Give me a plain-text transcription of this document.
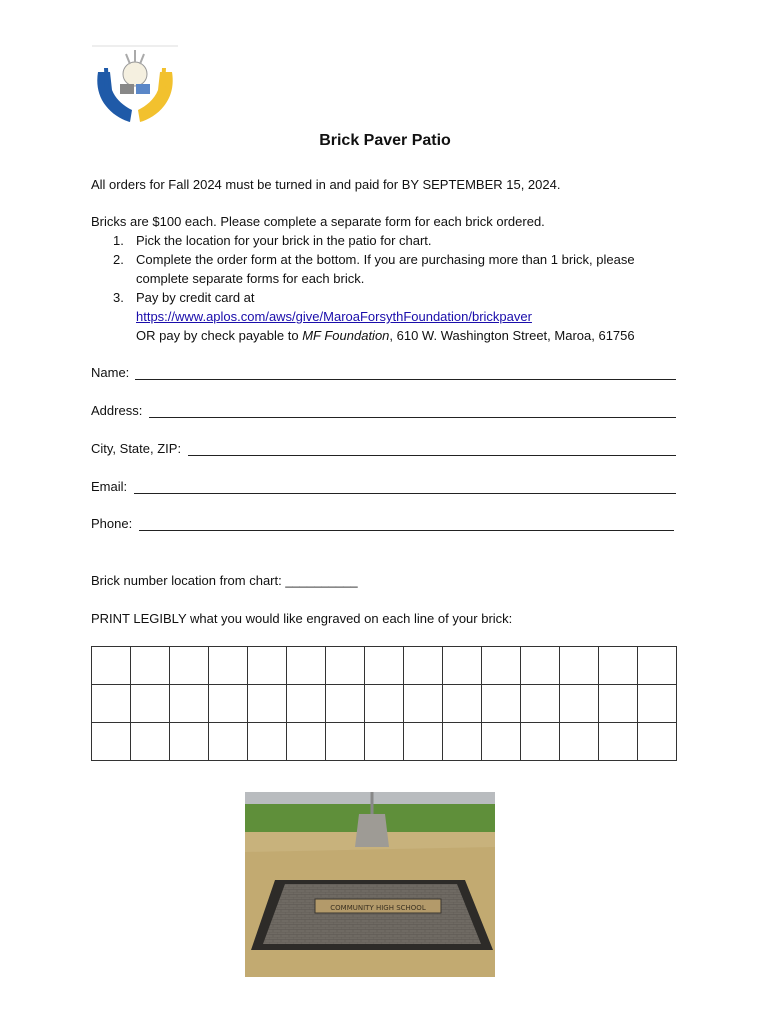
Brick Paver Patio
All orders for Fall 2024 must be turned in and paid for BY SEPTEMBER 15, 2024.
Bricks are $100 each. Please complete a separate form for each brick ordered.
1. Pick the location for your brick in the patio for chart.
2. Complete the order form at the bottom. If you are purchasing more than 1 brick, please
complete separate forms for each brick.
3. Pay by credit card at
https://www.aplos.com/aws/give/MaroaForsythFoundation/brickpaver
OR pay by check payable to MF Foundation, 610 W. Washington Street, Maroa, 61756
Name:
Address:
City, State, ZIP:
Email:
Phone:
Brick number location from chart: __________
PRINT LEGIBLY what you would like engraved on each line of your brick:

COMMUNITY HIGH SCHOOL
